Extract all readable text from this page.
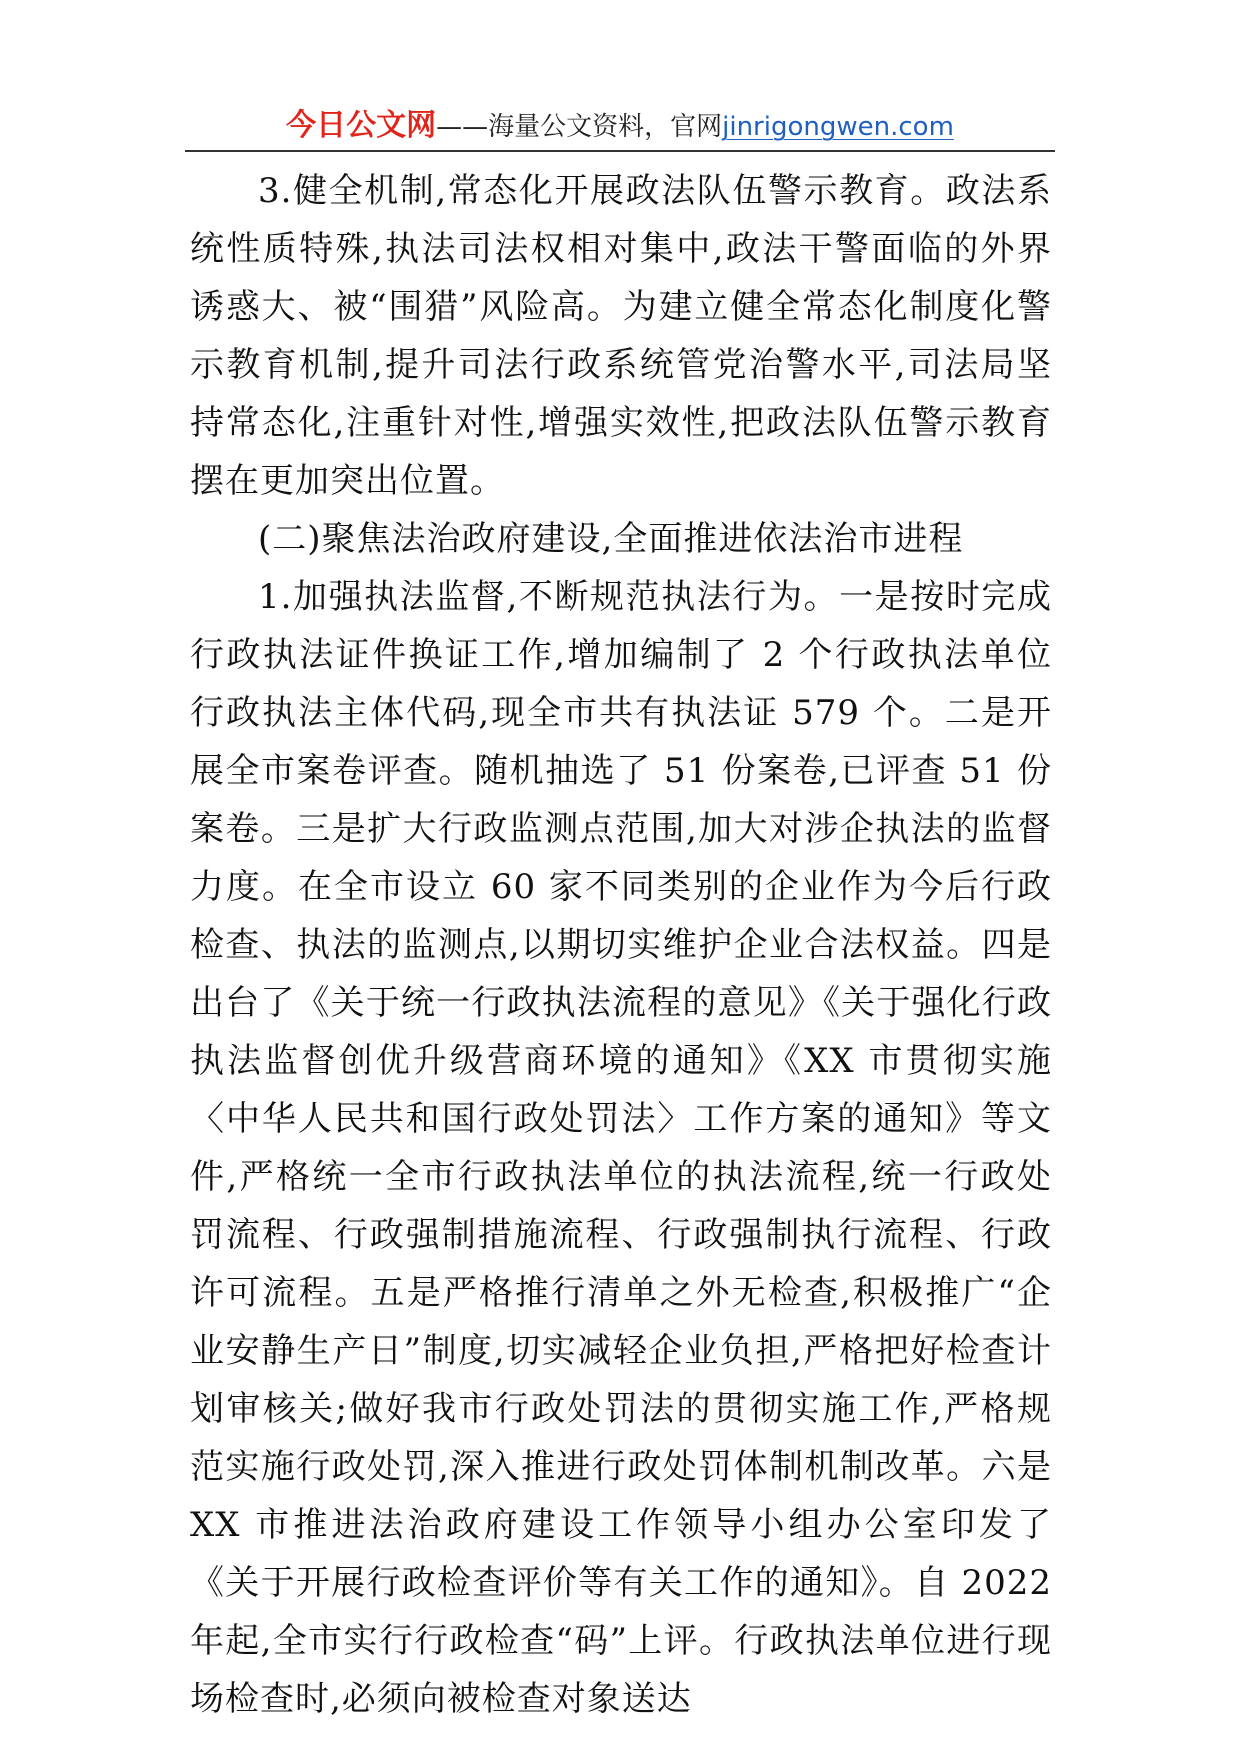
今日公文网——海量公文资料，官网jinrigongwen.com

3.健全机制,常态化开展政法队伍警示教育。政法系统性质特殊,执法司法权相对集中,政法干警面临的外界诱惑大、被“围猎”风险高。为建立健全常态化制度化警示教育机制,提升司法行政系统管党治警水平,司法局坚持常态化,注重针对性,增强实效性,把政法队伍警示教育摆在更加突出位置。

(二)聚焦法治政府建设,全面推进依法治市进程

1.加强执法监督,不断规范执法行为。一是按时完成行政执法证件换证工作,增加编制了 2 个行政执法单位行政执法主体代码,现全市共有执法证 579 个。二是开展全市案卷评查。随机抽选了 51 份案卷,已评查 51 份案卷。三是扩大行政监测点范围,加大对涉企执法的监督力度。在全市设立 60 家不同类别的企业作为今后行政检查、执法的监测点,以期切实维护企业合法权益。四是出台了《关于统一行政执法流程的意见》《关于强化行政执法监督创优升级营商环境的通知》《XX 市贯彻实施〈中华人民共和国行政处罚法〉工作方案的通知》等文件,严格统一全市行政执法单位的执法流程,统一行政处罚流程、行政强制措施流程、行政强制执行流程、行政许可流程。五是严格推行清单之外无检查,积极推广“企业安静生产日”制度,切实减轻企业负担,严格把好检查计划审核关;做好我市行政处罚法的贯彻实施工作,严格规范实施行政处罚,深入推进行政处罚体制机制改革。六是 XX 市推进法治政府建设工作领导小组办公室印发了《关于开展行政检查评价等有关工作的通知》。自 2022 年起,全市实行行政检查“码”上评。行政执法单位进行现场检查时,必须向被检查对象送达
